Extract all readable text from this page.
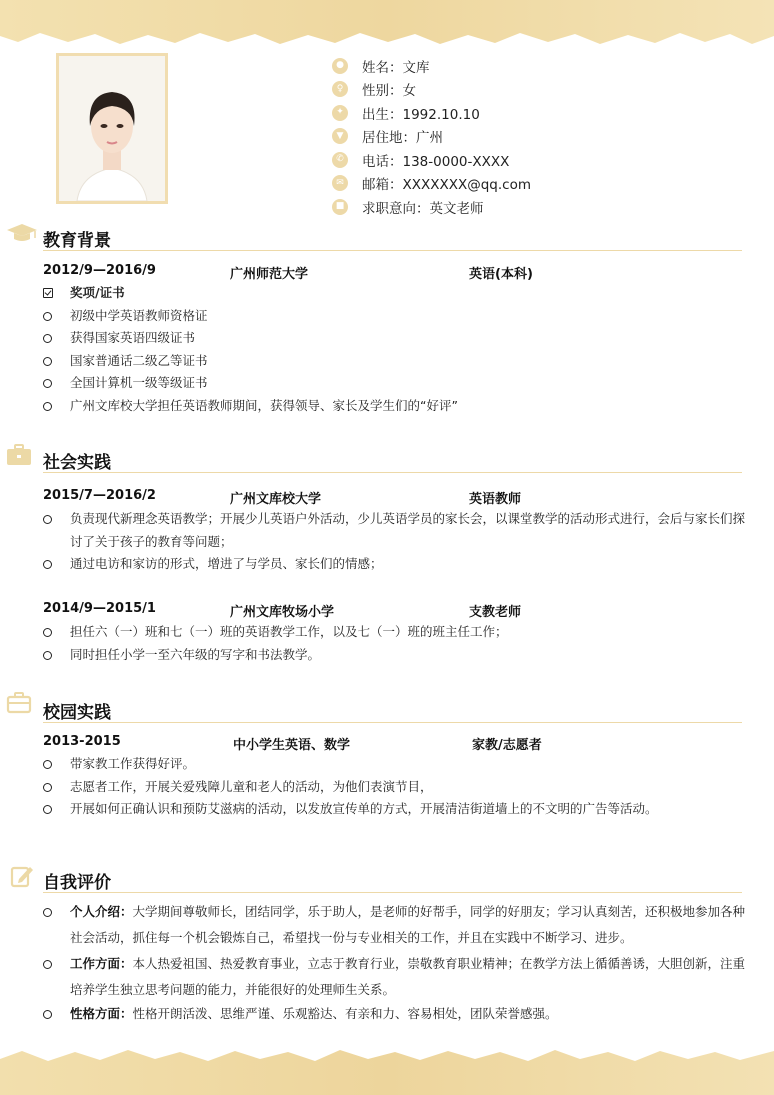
●	姓名：文库
♀	性别：女
✦	出生：1992.10.10
▼	居住地：广州
✆	电话：138-0000-XXXX
✉	邮箱：XXXXXXX@qq.com
■ 求职意向：英文老师
教育背景
2012/9—2016/9	广州师范大学	英语(本科)
奖项/证书
初级中学英语教师资格证
获得国家英语四级证书
国家普通话二级乙等证书
全国计算机一级等级证书
广州文库校大学担任英语教师期间，获得领导、家长及学生们的“好评”
社会实践
2015/7—2016/2	广州文库校大学	英语教师
负责现代新理念英语教学；开展少儿英语户外活动，少儿英语学员的家长会，以课堂教学的活动形式进行，会后与家长们探讨了关于孩子的教育等问题；
通过电访和家访的形式，增进了与学员、家长们的情感；
2014/9—2015/1	广州文库牧场小学	支教老师
担任六（一）班和七（一）班的英语教学工作，以及七（一）班的班主任工作；
同时担任小学一至六年级的写字和书法教学。
校园实践
2013-2015	中小学生英语、数学	家教/志愿者
带家教工作获得好评。
志愿者工作，开展关爱残障儿童和老人的活动，为他们表演节目，
开展如何正确认识和预防艾滋病的活动，以发放宣传单的方式，开展清洁街道墙上的不文明的广告等活动。
自我评价
个人介绍：大学期间尊敬师长，团结同学，乐于助人，是老师的好帮手，同学的好朋友；学习认真刻苦，还积极地参加各种社会活动，抓住每一个机会锻炼自己，希望找一份与专业相关的工作，并且在实践中不断学习、进步。
工作方面：本人热爱祖国、热爱教育事业，立志于教育行业，崇敬教育职业精神；在教学方法上循循善诱，大胆创新，注重培养学生独立思考问题的能力，并能很好的处理师生关系。
性格方面：性格开朗活泼、思维严谨、乐观豁达、有亲和力、容易相处，团队荣誉感强。
